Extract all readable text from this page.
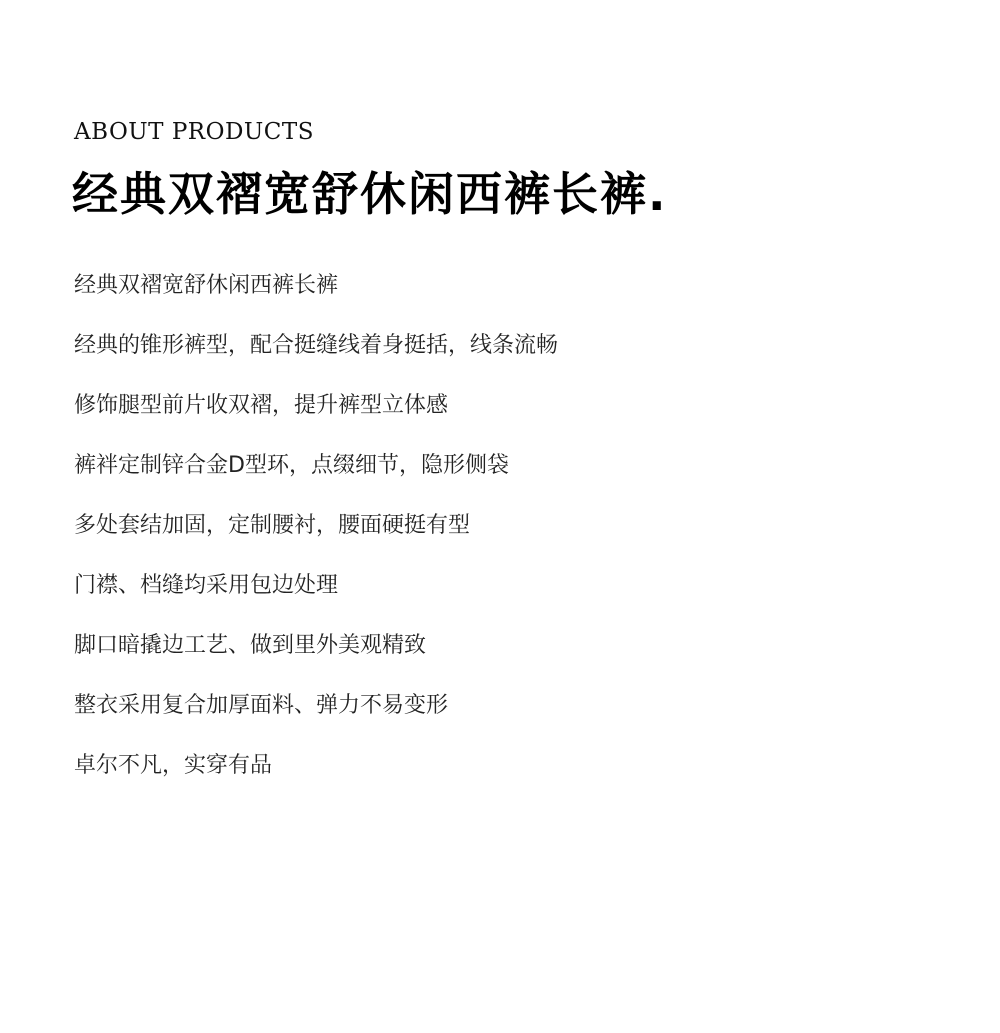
ABOUT PRODUCTS

经典双褶宽舒休闲西裤长裤.
经典双褶宽舒休闲西裤长裤
经典的锥形裤型，配合挺缝线着身挺括，线条流畅
修饰腿型前片收双褶，提升裤型立体感
裤袢定制锌合金D型环，点缀细节，隐形侧袋
多处套结加固，定制腰衬，腰面硬挺有型
门襟、档缝均采用包边处理
脚口暗撬边工艺、做到里外美观精致
整衣采用复合加厚面料、弹力不易变形
卓尔不凡，实穿有品
